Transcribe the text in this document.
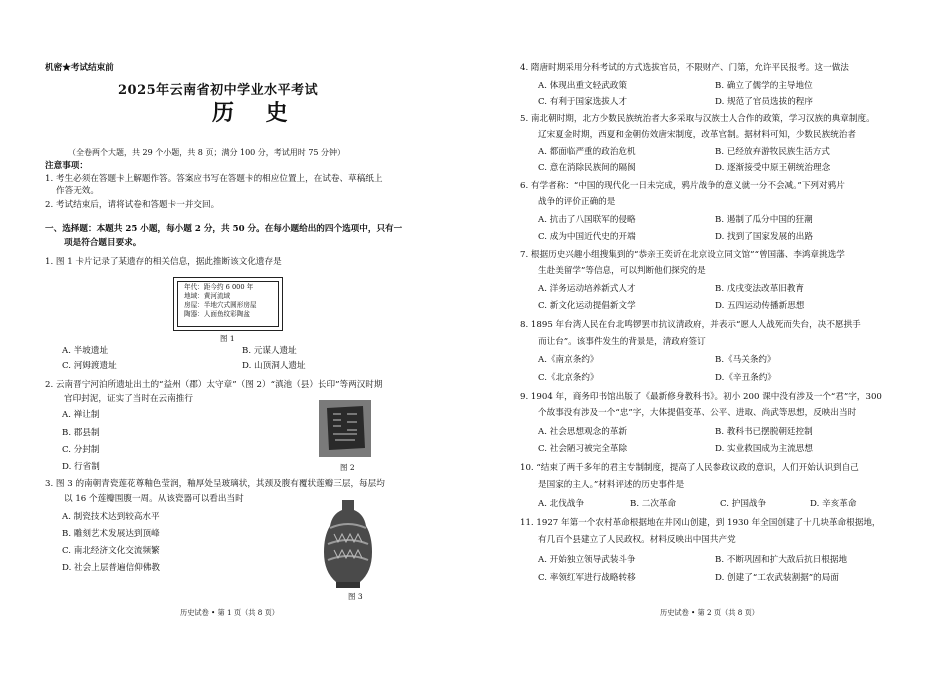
机密★考试结束前
2025年云南省初中学业水平考试
历 史
（全卷两个大题，共 29 个小题，共 8 页；满分 100 分，考试用时 75 分钟）
注意事项：
1. 考生必须在答题卡上解题作答。答案应书写在答题卡的相应位置上，在试卷、草稿纸上
作答无效。
2. 考试结束后，请将试卷和答题卡一并交回。
一、选择题：本题共 25 小题，每小题 2 分，共 50 分。在每小题给出的四个选项中，只有一
项是符合题目要求。
1. 图 1 卡片记录了某遗存的相关信息，据此推断该文化遗存是
年代：距今约 6 000 年
地域：黄河流域
房屋：半地穴式圆形房屋
陶器：人面鱼纹彩陶盆
图 1
A. 半坡遗址	B. 元谋人遗址
C. 河姆渡遗址	D. 山顶洞人遗址
2. 云南晋宁河泊所遗址出土的“益州（郡）太守章”（图 2）“滇池（县）长印”等两汉时期
官印封泥，证实了当时在云南推行
A. 禅让制
B. 郡县制
C. 分封制
D. 行省制	图 2
3. 图 3 的南朝青瓷莲花尊釉色莹润，釉厚处呈玻璃状，其颈及腹有覆状莲瓣三层，每层均
以 16 个莲瓣围腹一周。从该瓷器可以看出当时
A. 制瓷技术达到较高水平
B. 雕刻艺术发展达到顶峰
C. 南北经济文化交流频繁
D. 社会上层普遍信仰佛教
图 3
历史试卷 • 第 1 页（共 8 页）
4. 隋唐时期采用分科考试的方式选拔官员，不限财产、门第，允许平民报考。这一做法
A. 体现出重文轻武政策	B. 确立了儒学的主导地位
C. 有利于国家选拔人才	D. 规范了官员选拔的程序
5. 南北朝时期，北方少数民族统治者大多采取与汉族士人合作的政策，学习汉族的典章制度。
辽宋夏金时期，西夏和金朝仿效唐宋制度，改革官制。据材料可知，少数民族统治者
A. 都面临严重的政治危机	B. 已经放弃游牧民族生活方式
C. 意在消除民族间的隔阂	D. 逐渐接受中原王朝统治理念
6. 有学者称：“中国的现代化一日未完成，鸦片战争的意义就一分不会减。”下列对鸦片
战争的评价正确的是
A. 抗击了八国联军的侵略	B. 遏制了瓜分中国的狂潮
C. 成为中国近代史的开端	D. 找到了国家发展的出路
7. 根据历史兴趣小组搜集到的“恭亲王奕䜣在北京设立同文馆”“曾国藩、李鸿章挑选学
生赴美留学”等信息，可以判断他们探究的是
A. 洋务运动培养新式人才	B. 戊戌变法改革旧教育
C. 新文化运动提倡新文学	D. 五四运动传播新思想
8. 1895 年台湾人民在台北鸣锣罢市抗议清政府，并表示“愿人人战死而失台，决不愿拱手
而让台”。该事件发生的背景是，清政府签订
A.《南京条约》	B.《马关条约》
C.《北京条约》	D.《辛丑条约》
9. 1904 年，商务印书馆出版了《最新修身教科书》。初小 200 课中没有涉及一个“君”字，300
个故事没有涉及一个“忠”字，大体提倡变革、公平、进取、尚武等思想，反映出当时
A. 社会思想观念的革新	B. 教科书已摆脱朝廷控制
C. 社会陋习被完全革除	D. 实业救国成为主流思想
10. “结束了两千多年的君主专制制度，提高了人民参政议政的意识，人们开始认识到自己
是国家的主人。”材料评述的历史事件是
A. 北伐战争	B. 二次革命	C. 护国战争	D. 辛亥革命
11. 1927 年第一个农村革命根据地在井冈山创建，到 1930 年全国创建了十几块革命根据地，
有几百个县建立了人民政权。材料反映出中国共产党
A. 开始独立领导武装斗争	B. 不断巩固和扩大敌后抗日根据地
C. 率领红军进行战略转移	D. 创建了“工农武装割据”的局面
历史试卷 • 第 2 页（共 8 页）
